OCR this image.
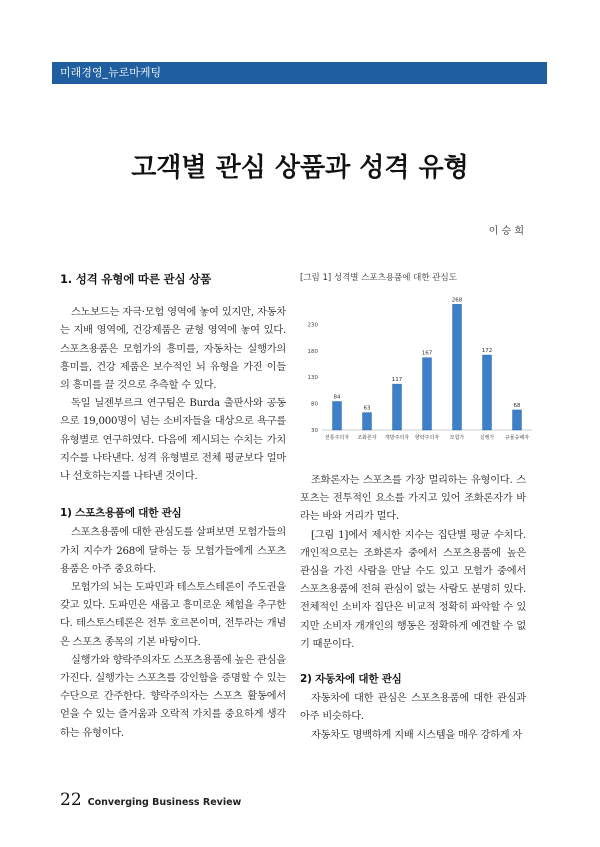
미래경영_뉴로마케팅
고객별 관심 상품과 성격 유형
이 승 희
1. 성격 유형에 따른 관심 상품

스노보드는 자극·모험 영역에 놓여 있지만, 자동차는 지배 영역에, 건강제품은 균형 영역에 놓여 있다. 스포츠용품은 모험가의 흥미를, 자동차는 실행가의 흥미를, 건강 제품은 보수적인 뇌 유형을 가진 이들의 흥미를 끌 것으로 추측할 수 있다.

독일 닐젠부르크 연구팀은 Burda 출판사와 공동으로 19,000명이 넘는 소비자들을 대상으로 욕구를 유형별로 연구하였다. 다음에 제시되는 수치는 가치 지수를 나타낸다. 성격 유형별로 전체 평균보다 얼마나 선호하는지를 나타낸 것이다.

1) 스포츠용품에 대한 관심

스포츠용품에 대한 관심도를 살펴보면 모험가들의 가치 지수가 268에 달하는 등 모험가들에게 스포츠용품은 아주 중요하다.

모험가의 뇌는 도파민과 테스토스테론이 주도권을 갖고 있다. 도파민은 새롭고 흥미로운 체험을 추구한다. 테스토스테론은 전투 호르몬이며, 전투라는 개념은 스포츠 종목의 기본 바탕이다.

실행가와 향락주의자도 스포츠용품에 높은 관심을 가진다. 실행가는 스포츠를 강인함을 증명할 수 있는 수단으로 간주한다. 향락주의자는 스포츠 활동에서 얻을 수 있는 즐거움과 오락적 가치를 중요하게 생각하는 유형이다.

[그림 1] 성격별 스포츠용품에 대한 관심도
30
80
130
180
230
84
전통주의자
63
조화론자
117
개방주의자
167
향락주의자
268
모험가
172
실행가
68
규율숭배자

조화론자는 스포츠를 가장 멀리하는 유형이다. 스포츠는 전투적인 요소를 가지고 있어 조화론자가 바라는 바와 거리가 멀다.

[그림 1]에서 제시한 지수는 집단별 평균 수치다. 개인적으로는 조화론자 중에서 스포츠용품에 높은 관심을 가진 사람을 만날 수도 있고 모험가 중에서 스포츠용품에 전혀 관심이 없는 사람도 분명히 있다. 전체적인 소비자 집단은 비교적 정확히 파악할 수 있지만 소비자 개개인의 행동은 정확하게 예견할 수 없기 때문이다.

2) 자동차에 대한 관심

자동차에 대한 관심은 스포츠용품에 대한 관심과 아주 비슷하다.

자동차도 명백하게 지배 시스템을 매우 강하게 자

22 Converging Business Review
